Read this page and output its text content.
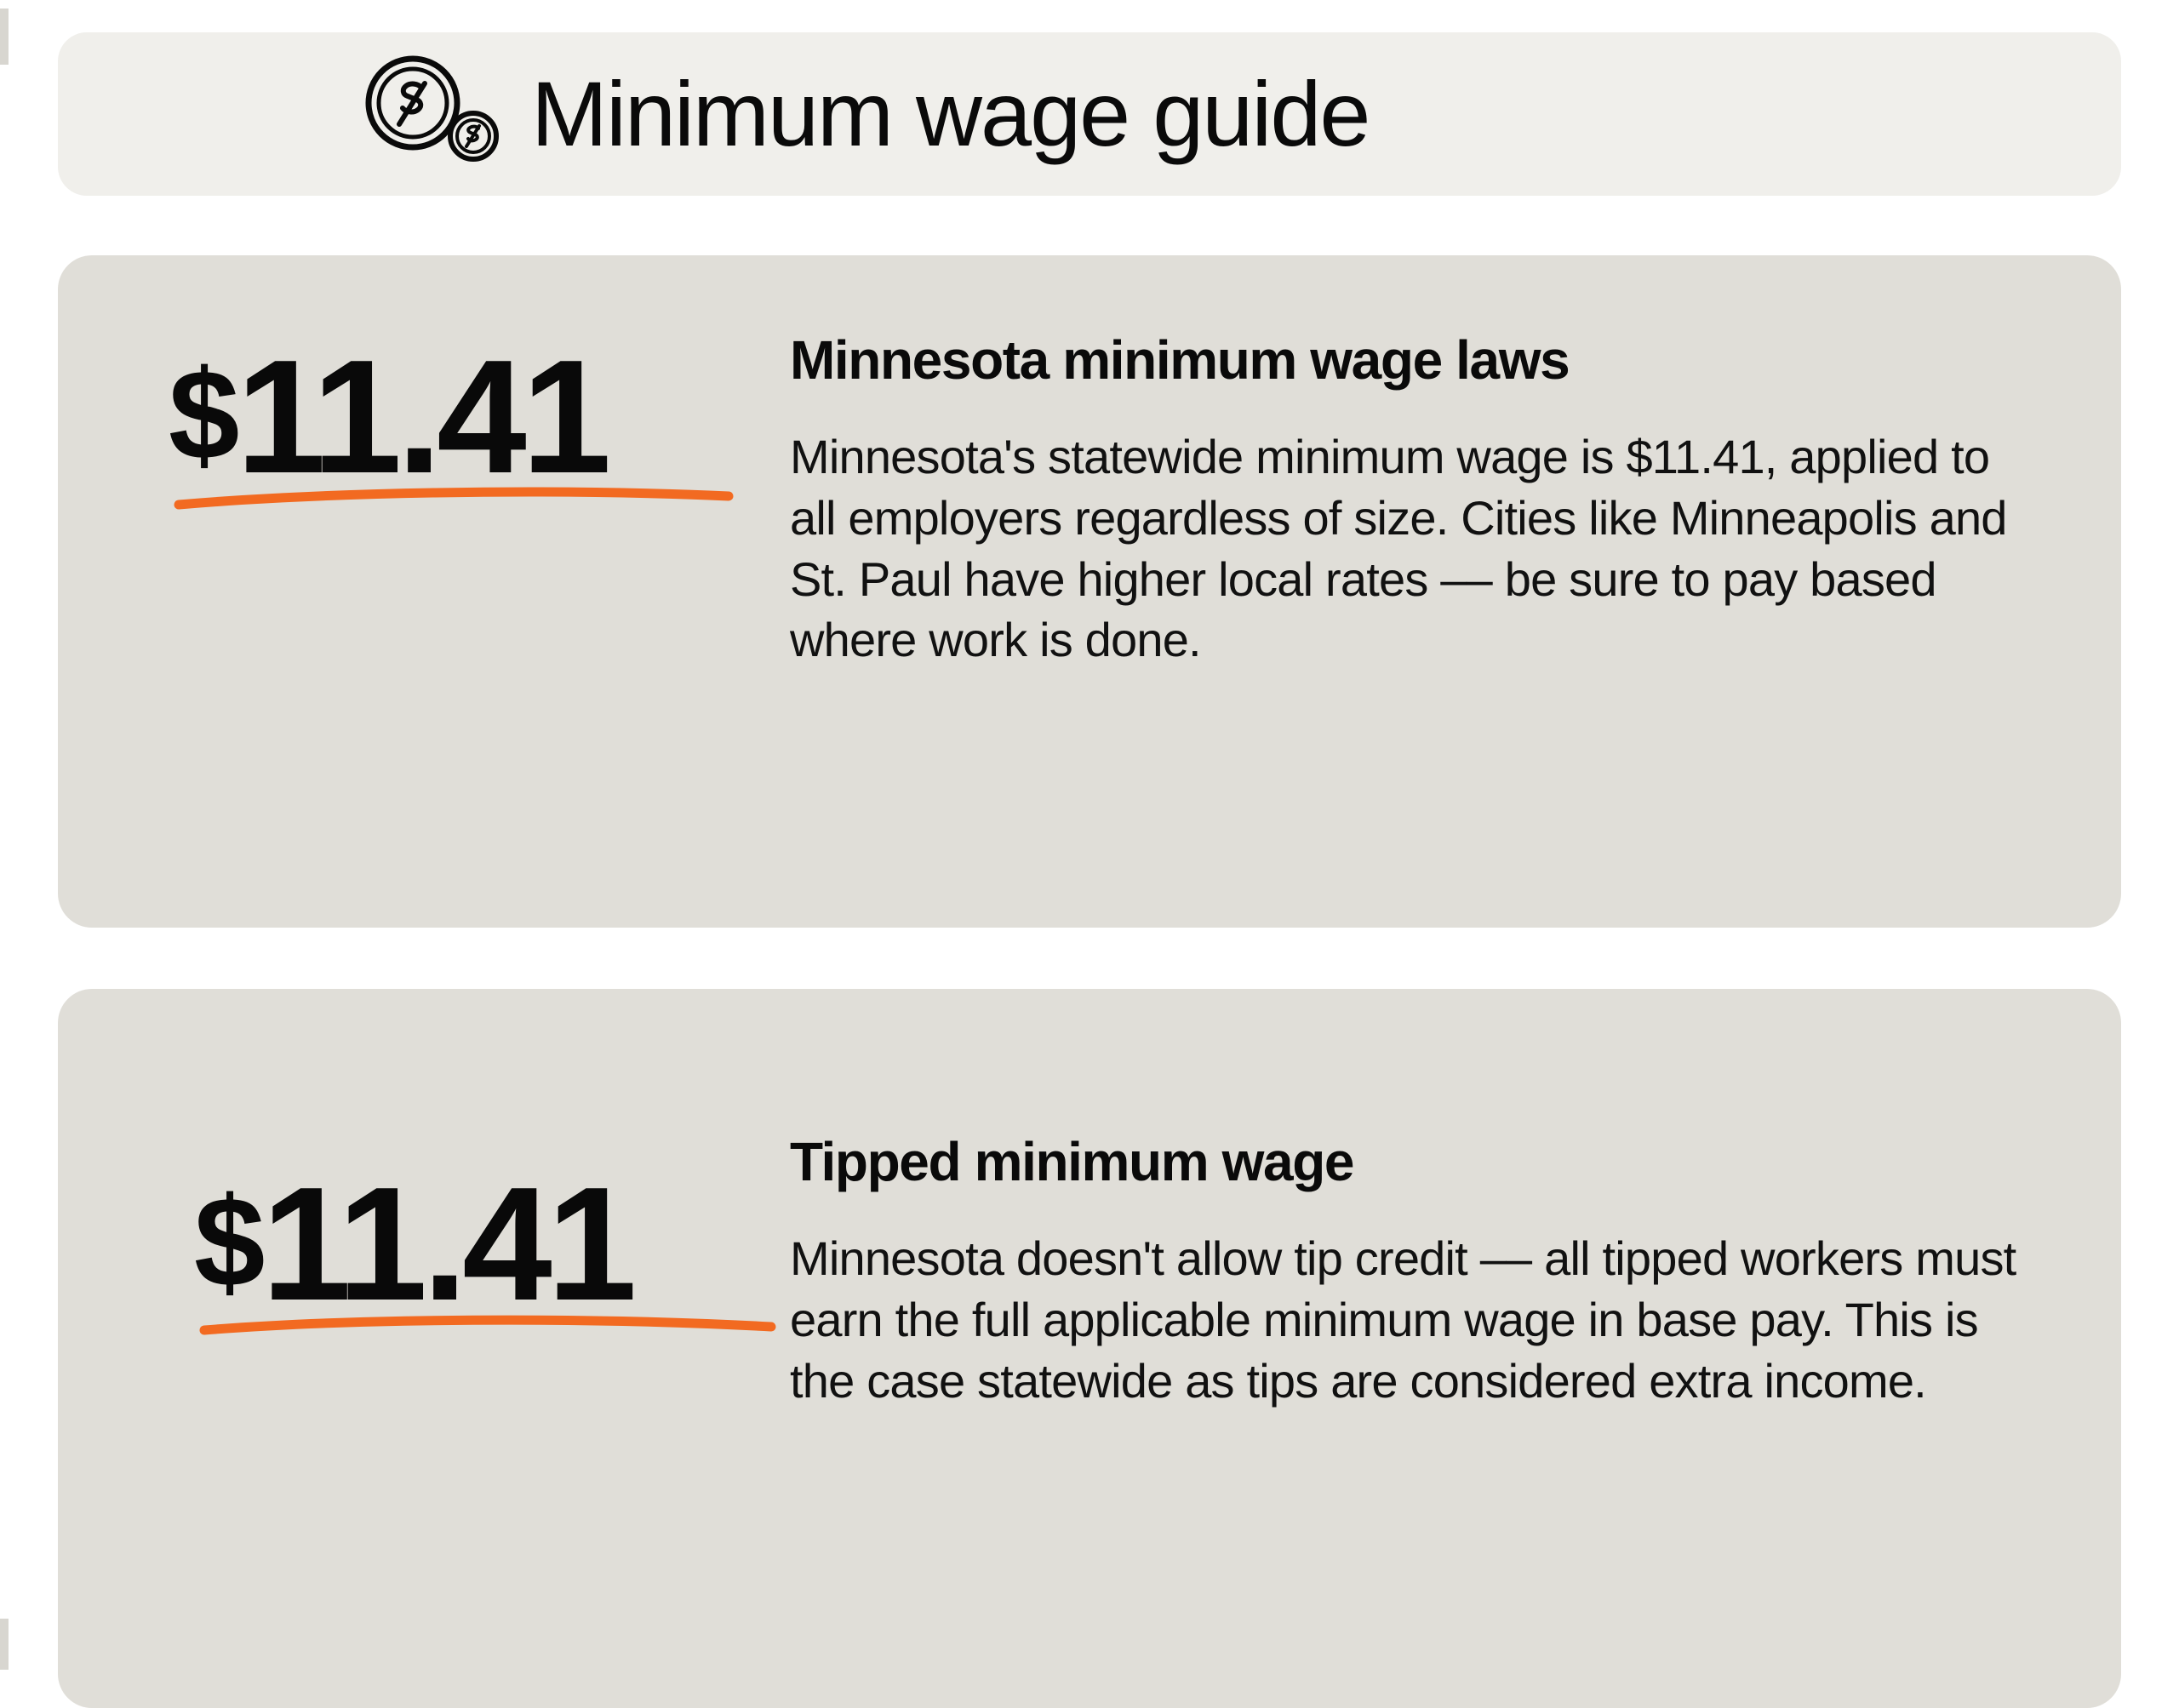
Minimum wage guide
$11.41	Minnesota minimum wage laws

Minnesota's statewide minimum wage is $11.41, applied to all employers regardless of size. Cities like Minneapolis and St. Paul have higher local rates –– be sure to pay based where work is done.

$11.41	Tipped minimum wage

Minnesota doesn't allow tip credit –– all tipped workers must earn the full applicable minimum wage in base pay. This is the case statewide as tips are considered extra income.
